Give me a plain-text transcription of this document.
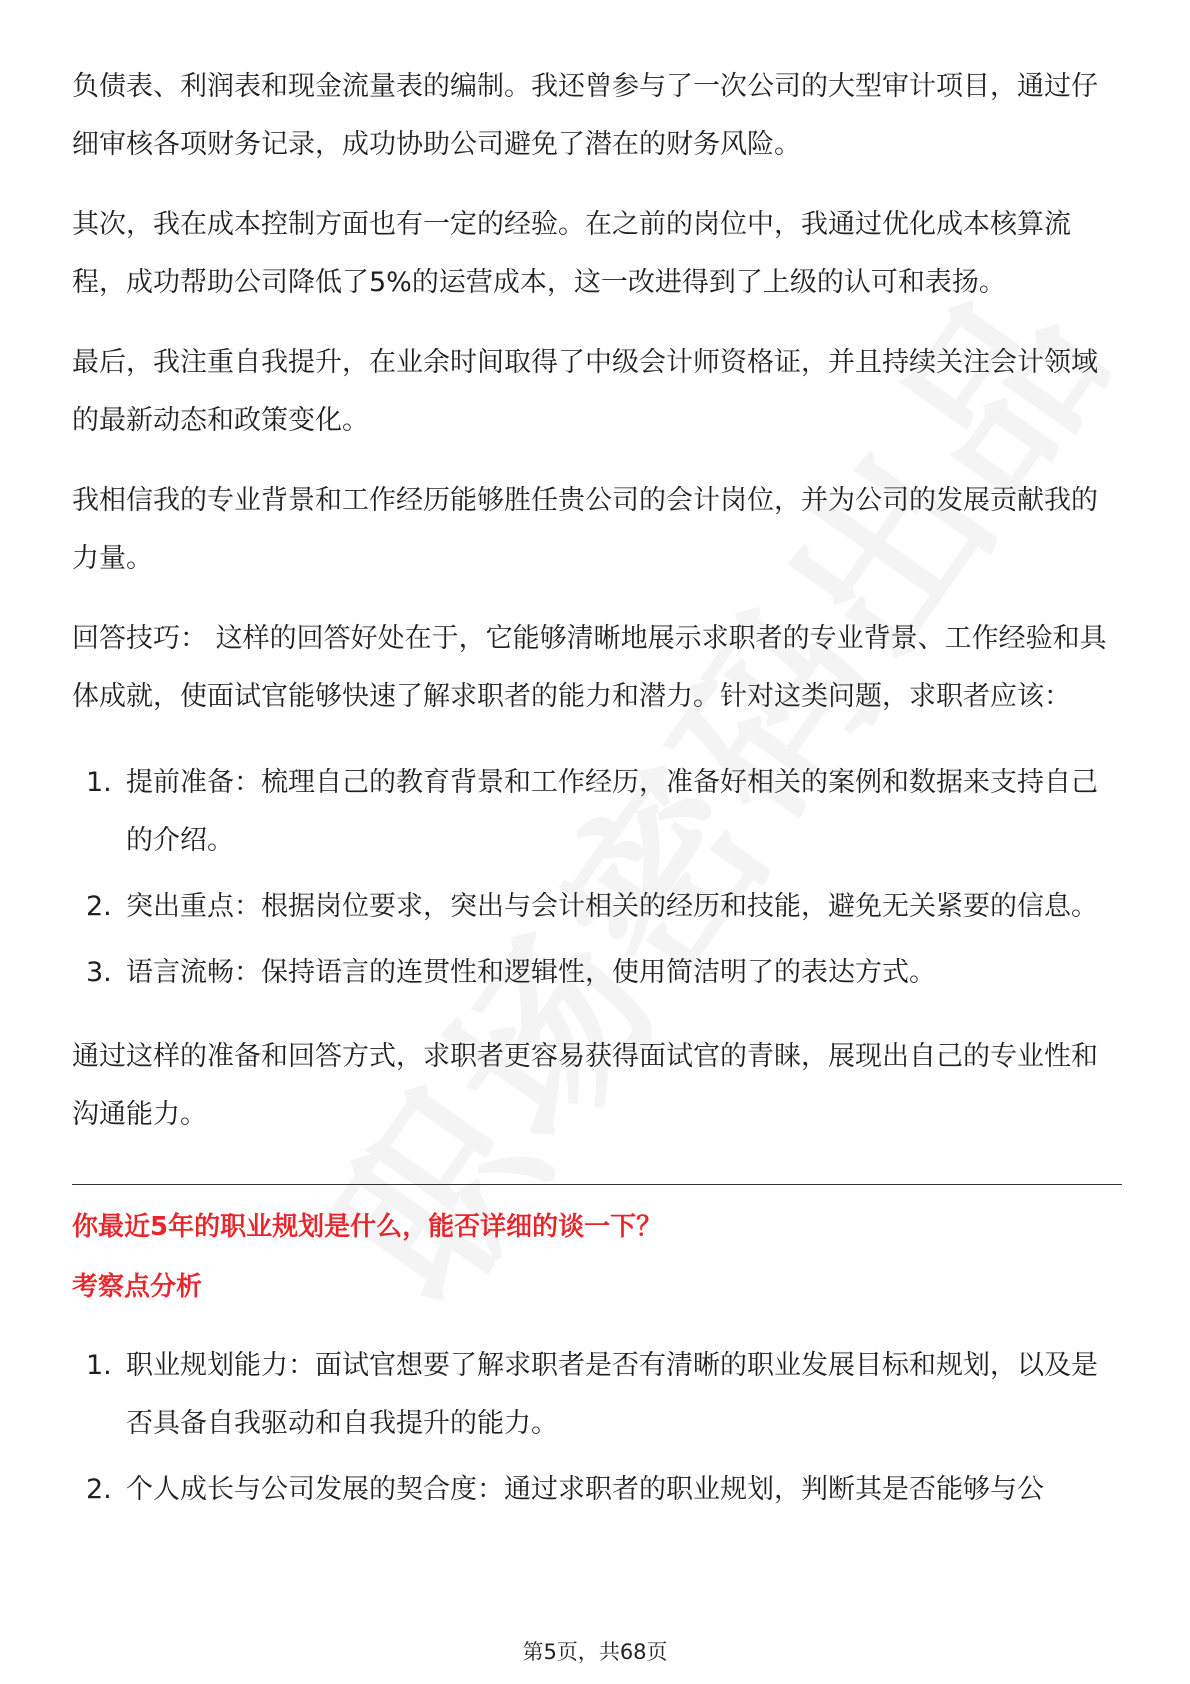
负债表、利润表和现金流量表的编制。我还曾参与了一次公司的大型审计项目，通过仔细审核各项财务记录，成功协助公司避免了潜在的财务风险。

其次，我在成本控制方面也有一定的经验。在之前的岗位中，我通过优化成本核算流程，成功帮助公司降低了5%的运营成本，这一改进得到了上级的认可和表扬。

最后，我注重自我提升，在业余时间取得了中级会计师资格证，并且持续关注会计领域的最新动态和政策变化。

我相信我的专业背景和工作经历能够胜任贵公司的会计岗位，并为公司的发展贡献我的力量。

回答技巧： 这样的回答好处在于，它能够清晰地展示求职者的专业背景、工作经验和具体成就，使面试官能够快速了解求职者的能力和潜力。针对这类问题，求职者应该：

1. 提前准备：梳理自己的教育背景和工作经历，准备好相关的案例和数据来支持自己的介绍。
2. 突出重点：根据岗位要求，突出与会计相关的经历和技能，避免无关紧要的信息。
3. 语言流畅：保持语言的连贯性和逻辑性，使用简洁明了的表达方式。

通过这样的准备和回答方式，求职者更容易获得面试官的青睐，展现出自己的专业性和沟通能力。

你最近5年的职业规划是什么，能否详细的谈一下？
考察点分析
1. 职业规划能力：面试官想要了解求职者是否有清晰的职业发展目标和规划，以及是否具备自我驱动和自我提升的能力。
2. 个人成长与公司发展的契合度：通过求职者的职业规划，判断其是否能够与公
第5页，共68页
